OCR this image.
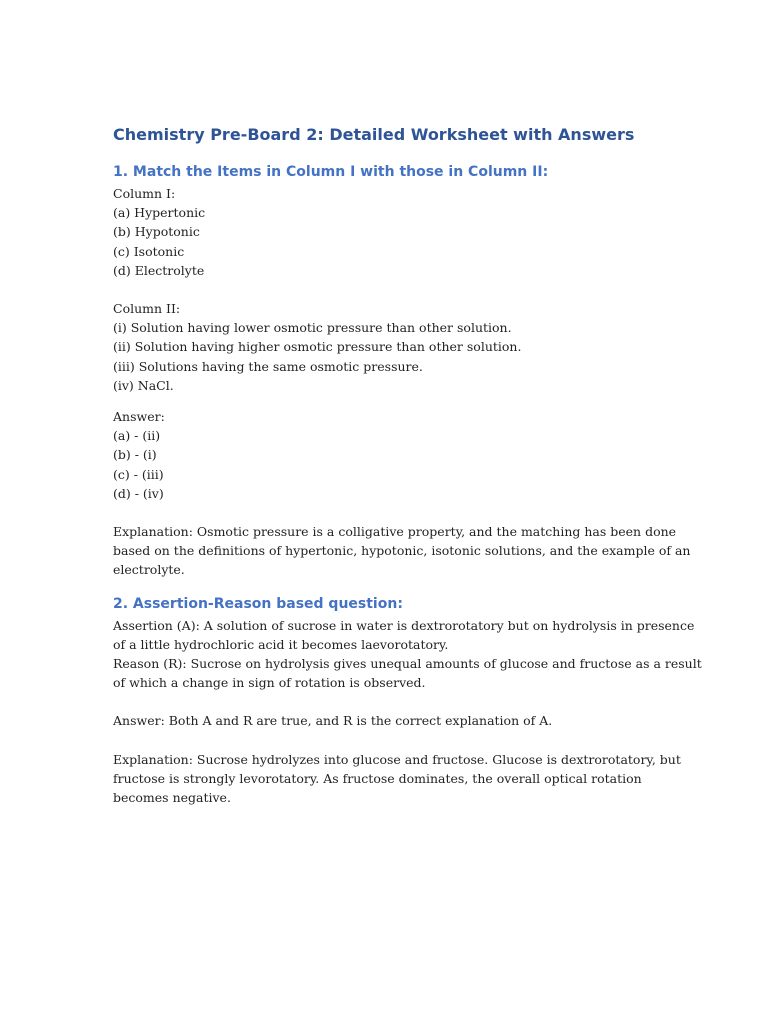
Chemistry Pre-Board 2: Detailed Worksheet with Answers
1. Match the Items in Column I with those in Column II:
Column I:
(a) Hypertonic
(b) Hypotonic
(c) Isotonic
(d) Electrolyte
Column II:
(i) Solution having lower osmotic pressure than other solution.
(ii) Solution having higher osmotic pressure than other solution.
(iii) Solutions having the same osmotic pressure.
(iv) NaCl.
Answer:
(a) - (ii)
(b) - (i)
(c) - (iii)
(d) - (iv)
Explanation: Osmotic pressure is a colligative property, and the matching has been done
based on the definitions of hypertonic, hypotonic, isotonic solutions, and the example of an
electrolyte.
2. Assertion-Reason based question:
Assertion (A): A solution of sucrose in water is dextrorotatory but on hydrolysis in presence
of a little hydrochloric acid it becomes laevorotatory.
Reason (R): Sucrose on hydrolysis gives unequal amounts of glucose and fructose as a result
of which a change in sign of rotation is observed.
Answer: Both A and R are true, and R is the correct explanation of A.
Explanation: Sucrose hydrolyzes into glucose and fructose. Glucose is dextrorotatory, but
fructose is strongly levorotatory. As fructose dominates, the overall optical rotation
becomes negative.
